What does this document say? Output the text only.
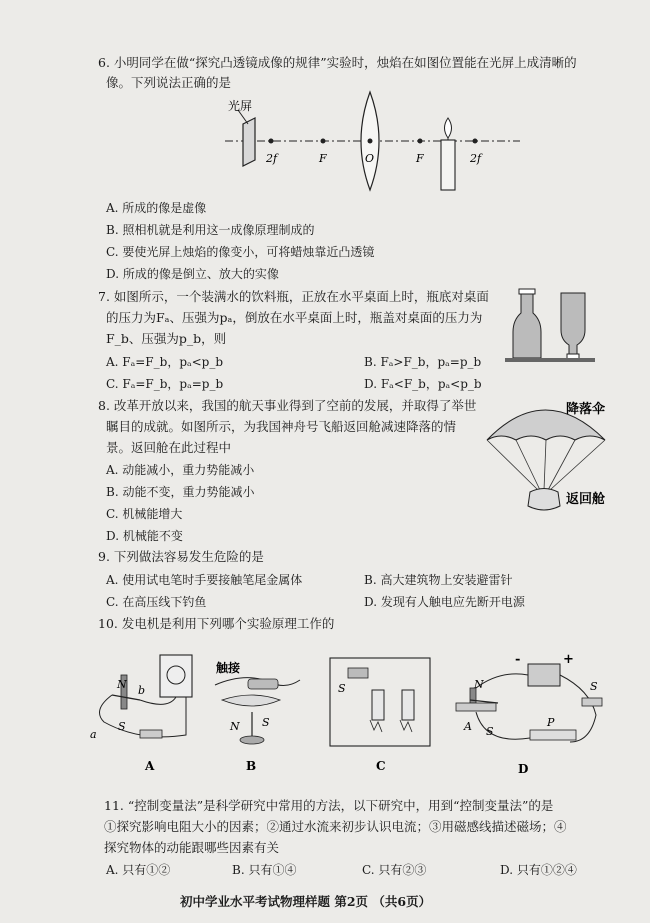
6. 小明同学在做“探究凸透镜成像的规律”实验时，烛焰在如图位置能在光屏上成清晰的
像。下列说法正确的是
光屏
2f	F	O	F	2f
降落伞
返回舱
N b
a
S
A
触接
N S
B
S
C
-	+
N
S
A
S
P
D
A. 所成的像是虚像
B. 照相机就是利用这一成像原理制成的
C. 要使光屏上烛焰的像变小，可将蜡烛靠近凸透镜
D. 所成的像是倒立、放大的实像
7. 如图所示，一个装满水的饮料瓶，正放在水平桌面上时，瓶底对桌面
的压力为Fₐ、压强为pₐ，倒放在水平桌面上时，瓶盖对桌面的压力为
F_b、压强为p_b，则
A. Fₐ=F_b，pₐ<p_b	B. Fₐ>F_b，pₐ=p_b
C. Fₐ=F_b，pₐ=p_b	D. Fₐ<F_b，pₐ<p_b
8. 改革开放以来，我国的航天事业得到了空前的发展，并取得了举世
瞩目的成就。如图所示，为我国神舟号飞船返回舱减速降落的情
景。返回舱在此过程中
A. 动能减小，重力势能减小
B. 动能不变，重力势能减小
C. 机械能增大
D. 机械能不变
9. 下列做法容易发生危险的是
A. 使用试电笔时手要接触笔尾金属体	B. 高大建筑物上安装避雷针
C. 在高压线下钓鱼	D. 发现有人触电应先断开电源
10. 发电机是利用下列哪个实验原理工作的
11. “控制变量法”是科学研究中常用的方法，以下研究中，用到“控制变量法”的是
①探究影响电阻大小的因素；②通过水流来初步认识电流；③用磁感线描述磁场；④
探究物体的动能跟哪些因素有关
A. 只有①②	B. 只有①④	C. 只有②③	D. 只有①②④
初中学业水平考试物理样题 第2页 （共6页）
